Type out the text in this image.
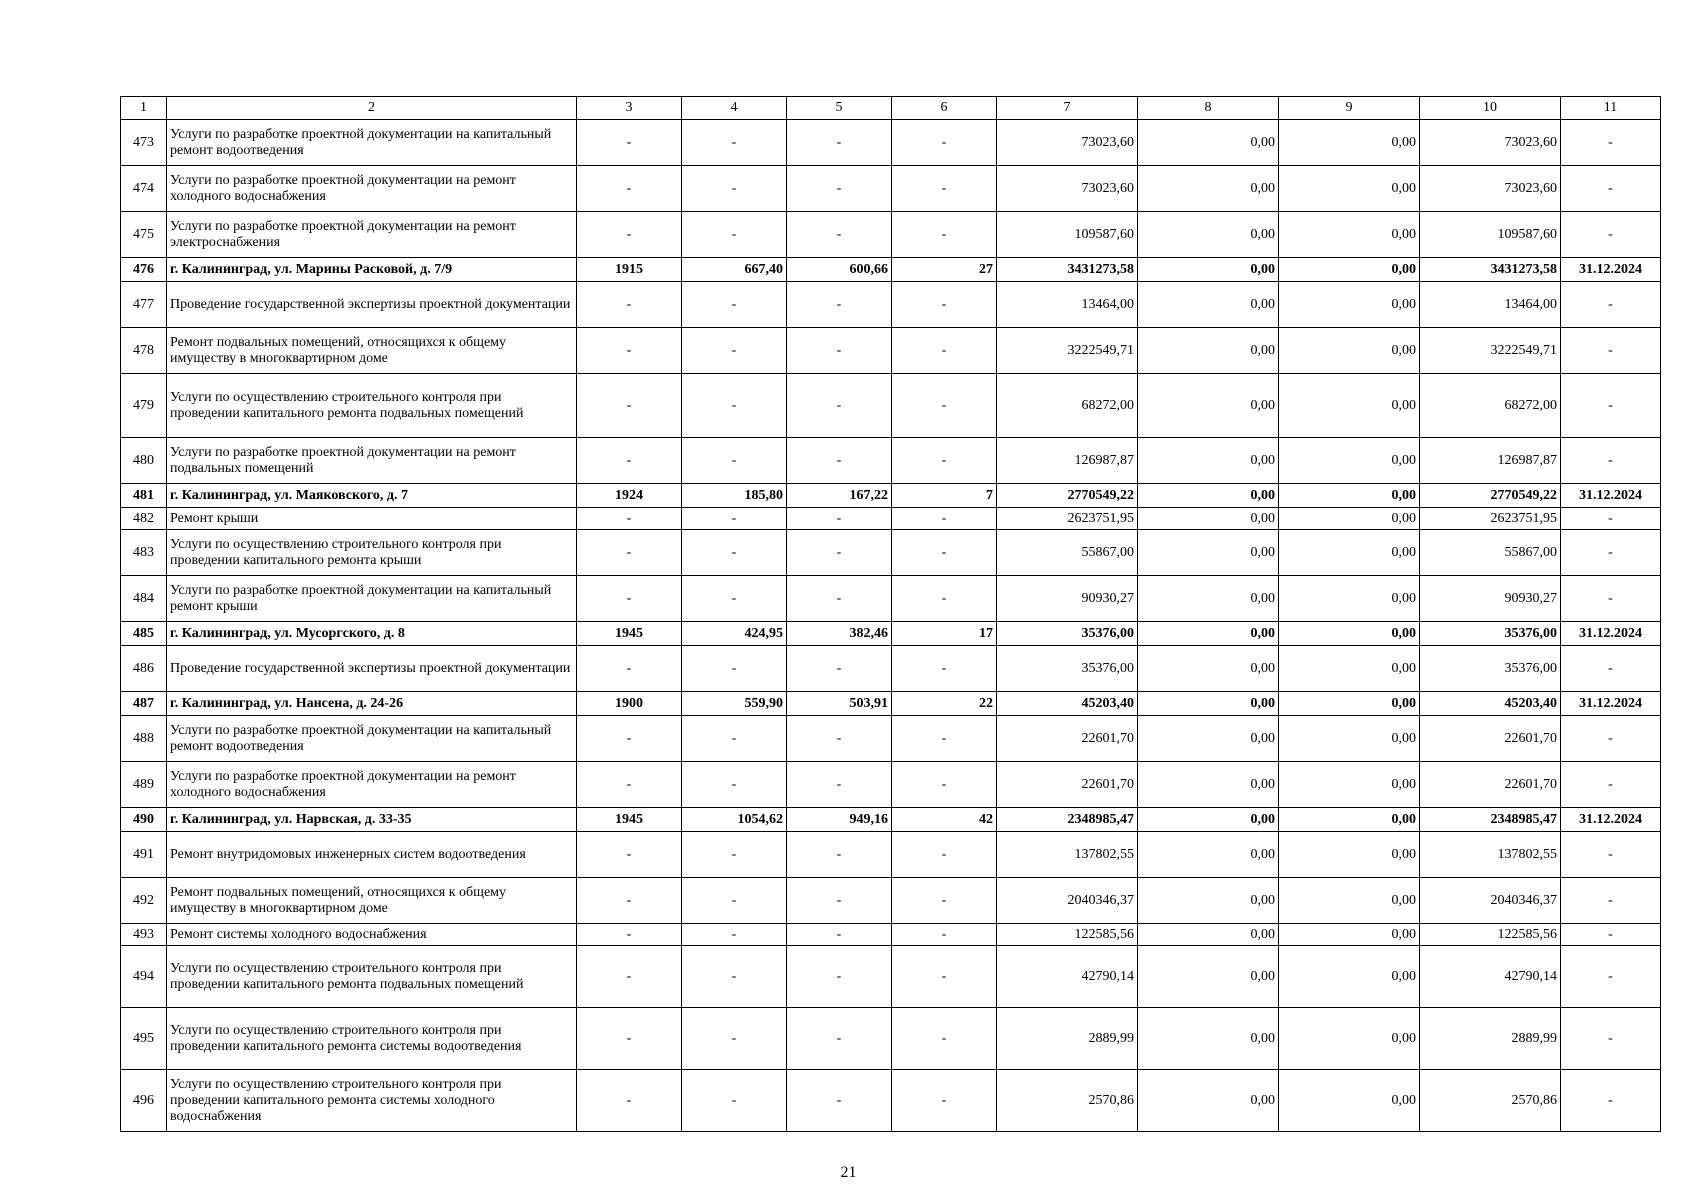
1	2	3	4	5	6	7	8	9	10	11
473	Услуги по разработке проектной документации на капитальный ремонт водоотведения	-	-	-	-	73023,60	0,00	0,00	73023,60	-
474	Услуги по разработке проектной документации на ремонт холодного водоснабжения	-	-	-	-	73023,60	0,00	0,00	73023,60	-
475	Услуги по разработке проектной документации на ремонт электроснабжения	-	-	-	-	109587,60	0,00	0,00	109587,60	-
476	г. Калининград, ул. Марины Расковой, д. 7/9	1915	667,40	600,66	27	3431273,58	0,00	0,00	3431273,58	31.12.2024
477	Проведение государственной экспертизы проектной документации	-	-	-	-	13464,00	0,00	0,00	13464,00	-
478	Ремонт подвальных помещений, относящихся к общему имуществу в многоквартирном доме	-	-	-	-	3222549,71	0,00	0,00	3222549,71	-
479	Услуги по осуществлению строительного контроля при проведении капитального ремонта подвальных помещений	-	-	-	-	68272,00	0,00	0,00	68272,00	-
480	Услуги по разработке проектной документации на ремонт подвальных помещений	-	-	-	-	126987,87	0,00	0,00	126987,87	-
481	г. Калининград, ул. Маяковского, д. 7	1924	185,80	167,22	7	2770549,22	0,00	0,00	2770549,22	31.12.2024
482	Ремонт крыши	-	-	-	-	2623751,95	0,00	0,00	2623751,95	-
483	Услуги по осуществлению строительного контроля при проведении капитального ремонта крыши	-	-	-	-	55867,00	0,00	0,00	55867,00	-
484	Услуги по разработке проектной документации на капитальный ремонт крыши	-	-	-	-	90930,27	0,00	0,00	90930,27	-
485	г. Калининград, ул. Мусоргского, д. 8	1945	424,95	382,46	17	35376,00	0,00	0,00	35376,00	31.12.2024
486	Проведение государственной экспертизы проектной документации	-	-	-	-	35376,00	0,00	0,00	35376,00	-
487	г. Калининград, ул. Нансена, д. 24-26	1900	559,90	503,91	22	45203,40	0,00	0,00	45203,40	31.12.2024
488	Услуги по разработке проектной документации на капитальный ремонт водоотведения	-	-	-	-	22601,70	0,00	0,00	22601,70	-
489	Услуги по разработке проектной документации на ремонт холодного водоснабжения	-	-	-	-	22601,70	0,00	0,00	22601,70	-
490	г. Калининград, ул. Нарвская, д. 33-35	1945	1054,62	949,16	42	2348985,47	0,00	0,00	2348985,47	31.12.2024
491	Ремонт внутридомовых инженерных систем водоотведения	-	-	-	-	137802,55	0,00	0,00	137802,55	-
492	Ремонт подвальных помещений, относящихся к общему имуществу в многоквартирном доме	-	-	-	-	2040346,37	0,00	0,00	2040346,37	-
493	Ремонт системы холодного водоснабжения	-	-	-	-	122585,56	0,00	0,00	122585,56	-
494	Услуги по осуществлению строительного контроля при проведении капитального ремонта подвальных помещений	-	-	-	-	42790,14	0,00	0,00	42790,14	-
495	Услуги по осуществлению строительного контроля при проведении капитального ремонта системы водоотведения	-	-	-	-	2889,99	0,00	0,00	2889,99	-
496	Услуги по осуществлению строительного контроля при проведении капитального ремонта системы холодного водоснабжения	-	-	-	-	2570,86	0,00	0,00	2570,86	-
21
